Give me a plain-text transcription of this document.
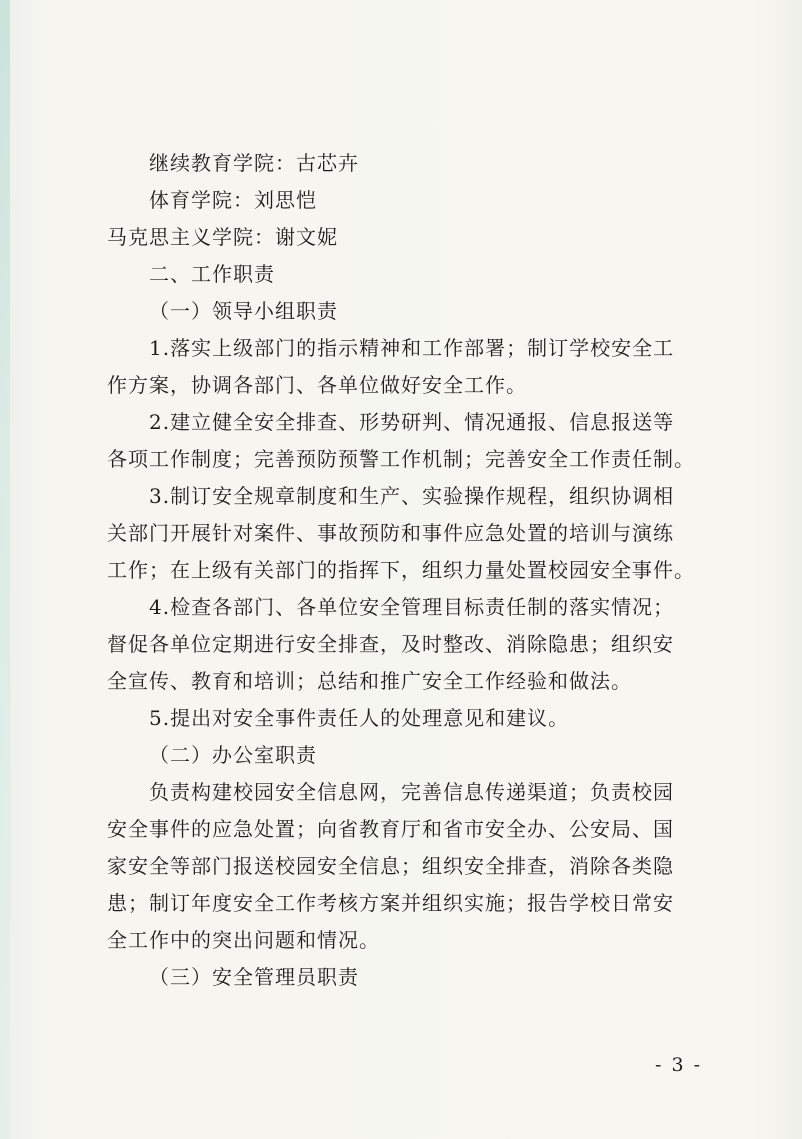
继续教育学院：古芯卉
体育学院：刘思恺
马克思主义学院：谢文妮
二、工作职责
（一）领导小组职责
1.落实上级部门的指示精神和工作部署；制订学校安全工
作方案，协调各部门、各单位做好安全工作。
2.建立健全安全排查、形势研判、情况通报、信息报送等
各项工作制度；完善预防预警工作机制；完善安全工作责任制。
3.制订安全规章制度和生产、实验操作规程，组织协调相
关部门开展针对案件、事故预防和事件应急处置的培训与演练
工作；在上级有关部门的指挥下，组织力量处置校园安全事件。
4.检查各部门、各单位安全管理目标责任制的落实情况；
督促各单位定期进行安全排查，及时整改、消除隐患；组织安
全宣传、教育和培训；总结和推广安全工作经验和做法。
5.提出对安全事件责任人的处理意见和建议。
（二）办公室职责
负责构建校园安全信息网，完善信息传递渠道；负责校园
安全事件的应急处置；向省教育厅和省市安全办、公安局、国
家安全等部门报送校园安全信息；组织安全排查，消除各类隐
患；制订年度安全工作考核方案并组织实施；报告学校日常安
全工作中的突出问题和情况。
（三）安全管理员职责
- 3 -
